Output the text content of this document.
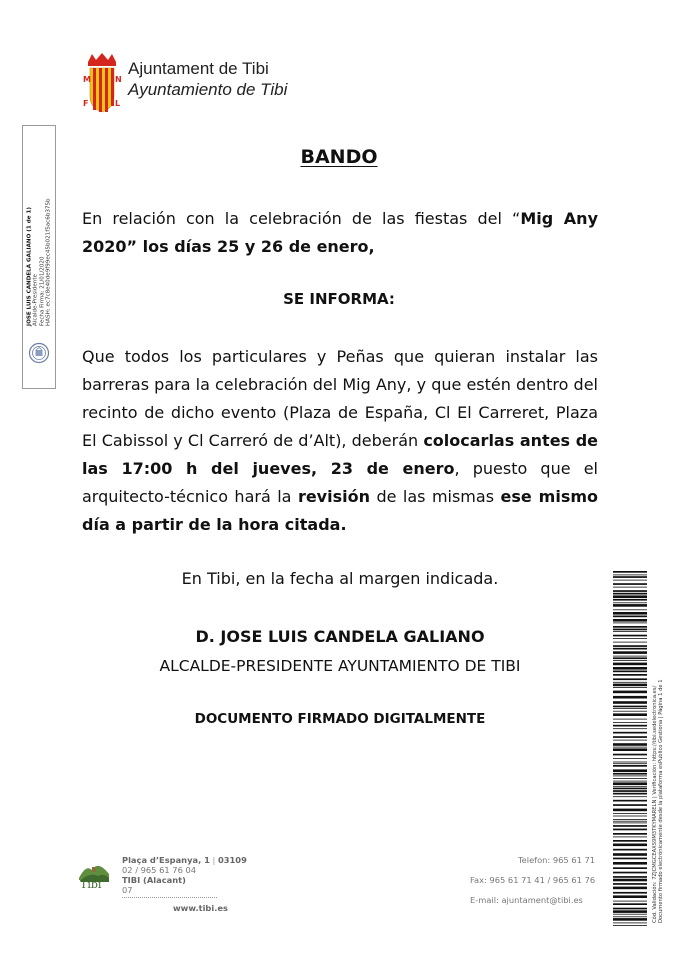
M	N
F	L
Ajuntament de Tibi
Ayuntamiento de Tibi
JOSE LUIS CANDELA GALIANO (1 de 1) Alcalde-Presidente Fecha Firma: 21/01/2020 HASH: ec7c8e40de9f99ec45b021f5ac6b375b
BANDO
En relación con la celebración de las fiestas del “Mig Any 2020” los días 25 y 26 de enero,
SE INFORMA:
Que todos los particulares y Peñas que quieran instalar las barreras para la celebración del Mig Any, y que estén dentro del recinto de dicho evento (Plaza de España, Cl El Carreret, Plaza El Cabissol y Cl Carreró de d’Alt), deberán colocarlas antes de las 17:00 h del jueves, 23 de enero, puesto que el arquitecto-técnico hará la revisión de las mismas ese mismo día a partir de la hora citada.
En Tibi, en la fecha al margen indicada.
D. JOSE LUIS CANDELA GALIANO
ALCALDE-PRESIDENTE AYUNTAMIENTO DE TIBI
DOCUMENTO FIRMADO DIGITALMENTE	Cód. Validación: 7ZJCMGCEAXS9M3TKYMARELN | Verificación: https://tibi.sedelectronica.es/ Documento firmado electrónicamente desde la plataforma esPublico Gestiona | Página 1 de 1
Tibi
Plaça d’Espanya, 1 | 03109
02 / 965 61 76 04
TIBI (Alacant)
07
www.tibi.es
Telefon: 965 61 71
Fax: 965 61 71 41 / 965 61 76
E-mail: ajuntament@tibi.es
